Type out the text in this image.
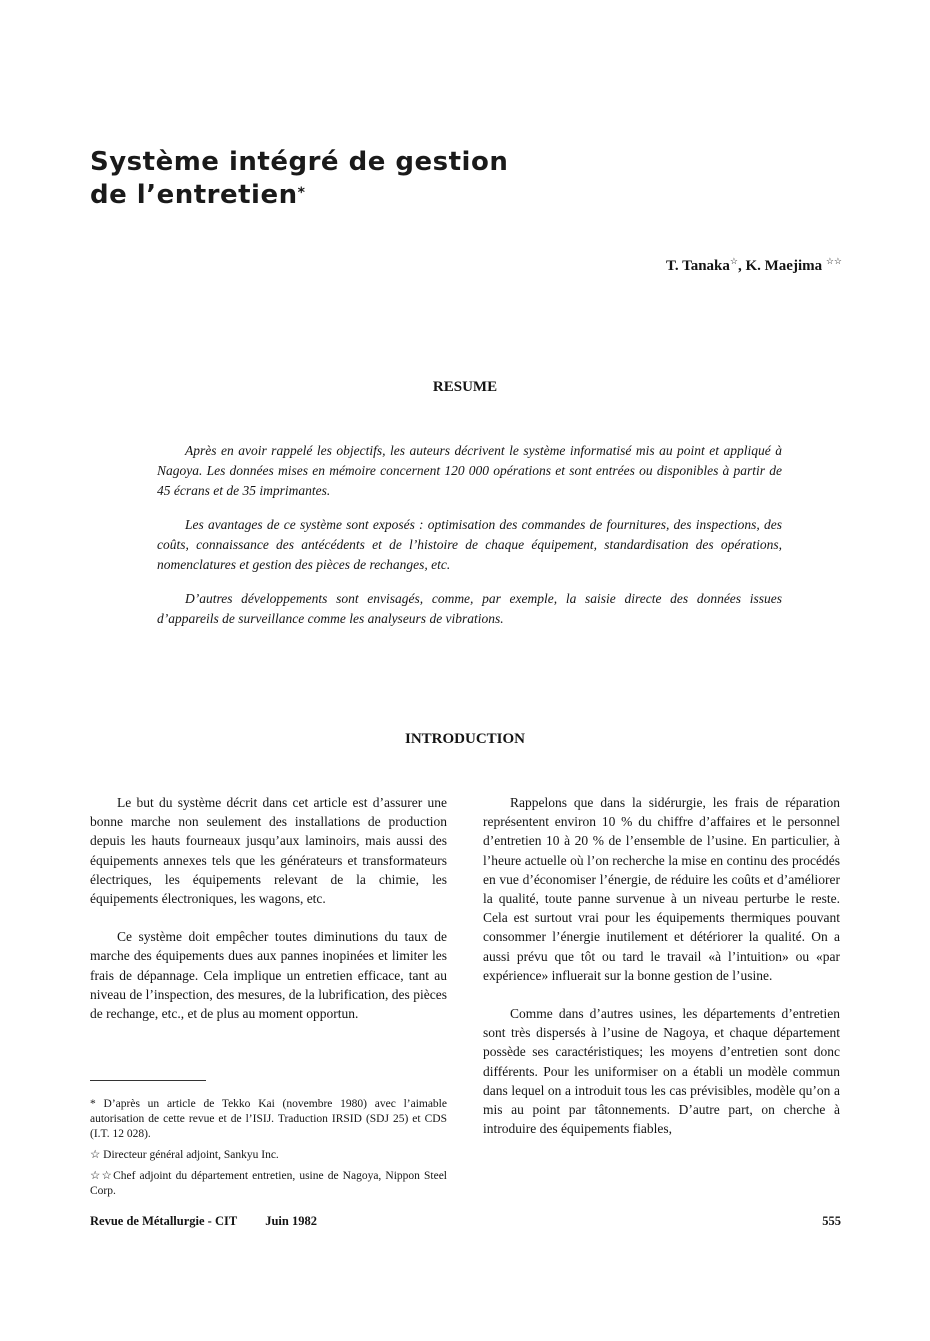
Système intégré de gestion
de l’entretien*
T. Tanaka☆, K. Maejima ☆☆
RESUME

Après en avoir rappelé les objectifs, les auteurs décrivent le système informatisé mis au point et appliqué à Nagoya. Les données mises en mémoire concernent 120 000 opérations et sont entrées ou disponibles à partir de 45 écrans et de 35 imprimantes.

Les avantages de ce système sont exposés : optimisation des commandes de fournitures, des inspections, des coûts, connaissance des antécédents et de l’histoire de chaque équipement, standardisation des opérations, nomenclatures et gestion des pièces de rechanges, etc.

D’autres développements sont envisagés, comme, par exemple, la saisie directe des données issues d’appareils de surveillance comme les analyseurs de vibrations.

INTRODUCTION

Le but du système décrit dans cet article est d’assurer une bonne marche non seulement des installations de production depuis les hauts fourneaux jusqu’aux laminoirs, mais aussi des équipements annexes tels que les générateurs et transformateurs électriques, les équipements relevant de la chimie, les équipements électroniques, les wagons, etc.

Ce système doit empêcher toutes diminutions du taux de marche des équipements dues aux pannes inopinées et limiter les frais de dépannage. Cela implique un entretien efficace, tant au niveau de l’inspection, des mesures, de la lubrification, des pièces de rechange, etc., et de plus au moment opportun.

Rappelons que dans la sidérurgie, les frais de réparation représentent environ 10 % du chiffre d’affaires et le personnel d’entretien 10 à 20 % de l’ensemble de l’usine. En particulier, à l’heure actuelle où l’on recherche la mise en continu des procédés en vue d’économiser l’énergie, de réduire les coûts et d’améliorer la qualité, toute panne survenue à un niveau perturbe le reste. Cela est surtout vrai pour les équipements thermiques pouvant consommer l’énergie inutilement et détériorer la qualité. On a aussi prévu que tôt ou tard le travail «à l’intuition» ou «par expérience» influerait sur la bonne gestion de l’usine.

Comme dans d’autres usines, les départements d’entretien sont très dispersés à l’usine de Nagoya, et chaque département possède ses caractéristiques; les moyens d’entretien sont donc différents. Pour les uniformiser on a établi un modèle commun dans lequel on a introduit tous les cas prévisibles, modèle qu’on a mis au point par tâtonnements. D’autre part, on cherche à introduire des équipements fiables,

* D’après un article de Tekko Kai (novembre 1980) avec l’aimable autorisation de cette revue et de l’ISIJ. Traduction IRSID (SDJ 25) et CDS (I.T. 12 028).

☆ Directeur général adjoint, Sankyu Inc.

☆☆Chef adjoint du département entretien, usine de Nagoya, Nippon Steel Corp.

Revue de Métallurgie - CIT Juin 1982	555
